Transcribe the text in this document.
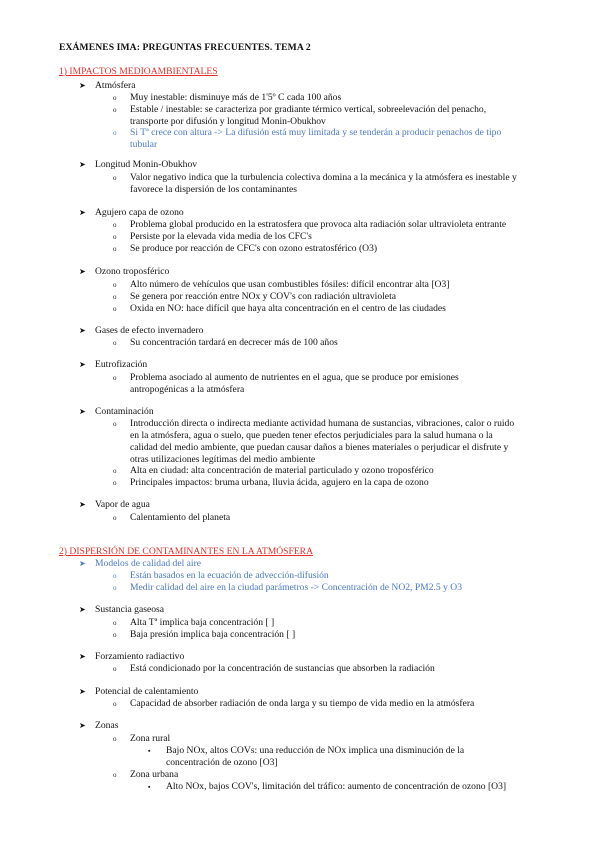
EXÁMENES IMA: PREGUNTAS FRECUENTES. TEMA 2
1) IMPACTOS MEDIOAMBIENTALES
➤ Atmósfera
o	Muy inestable: disminuye más de 1'5º C cada 100 años
o	Estable / inestable: se caracteriza por gradiante térmico vertical, sobreelevación del penacho, transporte por difusión y longitud Monin-Obukhov
o	Si Tª crece con altura -> La difusión está muy limitada y se tenderán a producir penachos de tipo tubular
➤ Longitud Monin-Obukhov
o	Valor negativo indica que la turbulencia colectiva domina a la mecánica y la atmósfera es inestable y favorece la dispersión de los contaminantes
➤ Agujero capa de ozono
o	Problema global producido en la estratosfera que provoca alta radiación solar ultravioleta entrante
o	Persiste por la elevada vida media de los CFC's
o	Se produce por reacción de CFC's con ozono estratosférico (O3)
➤ Ozono troposférico
o	Alto número de vehículos que usan combustibles fósiles: difícil encontrar alta [O3]
o	Se genera por reacción entre NOx y COV's con radiación ultravioleta
o	Oxida en NO: hace difícil que haya alta concentración en el centro de las ciudades
➤ Gases de efecto invernadero
o	Su concentración tardará en decrecer más de 100 años
➤ Eutrofización
o	Problema asociado al aumento de nutrientes en el agua, que se produce por emisiones antropogénicas a la atmósfera
➤ Contaminación
o	Introducción directa o indirecta mediante actividad humana de sustancias, vibraciones, calor o ruido en la atmósfera, agua o suelo, que pueden tener efectos perjudiciales para la salud humana o la calidad del medio ambiente, que puedan causar daños a bienes materiales o perjudicar el disfrute y otras utilizaciones legítimas del medio ambiente
o	Alta en ciudad: alta concentración de material particulado y ozono troposférico
o	Principales impactos: bruma urbana, lluvia ácida, agujero en la capa de ozono
➤ Vapor de agua
o	Calentamiento del planeta
2) DISPERSIÓN DE CONTAMINANTES EN LA ATMÓSFERA
➤ Modelos de calidad del aire
o	Están basados en la ecuación de advección-difusión
o	Medir calidad del aire en la ciudad parámetros -> Concentración de NO2, PM2.5 y O3
➤ Sustancia gaseosa
o	Alta Tª implica baja concentración [ ]
o	Baja presión implica baja concentración [ ]
➤ Forzamiento radiactivo
o	Está condicionado por la concentración de sustancias que absorben la radiación
➤ Potencial de calentamiento
o	Capacidad de absorber radiación de onda larga y su tiempo de vida medio en la atmósfera
➤ Zonas
o	Zona rural
▪	Bajo NOx, altos COVs: una reducción de NOx implica una disminución de la concentración de ozono [O3]
o	Zona urbana
▪	Alto NOx, bajos COV's, limitación del tráfico: aumento de concentración de ozono [O3]
